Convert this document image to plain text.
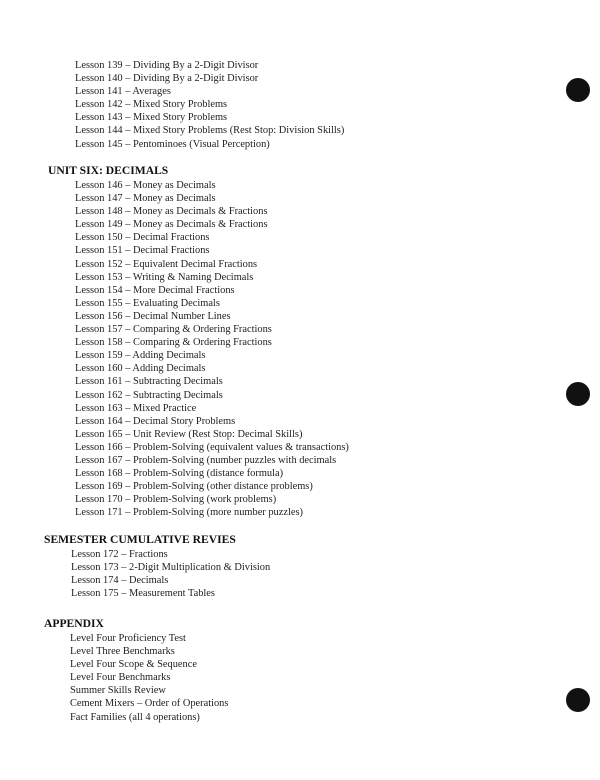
Lesson 139 – Dividing By a 2-Digit Divisor
Lesson 140 – Dividing By a 2-Digit Divisor
Lesson 141 – Averages
Lesson 142 – Mixed Story Problems
Lesson 143 – Mixed Story Problems
Lesson 144 – Mixed Story Problems (Rest Stop: Division Skills)
Lesson 145 – Pentominoes (Visual Perception)
UNIT SIX: DECIMALS
Lesson 146 – Money as Decimals
Lesson 147 – Money as Decimals
Lesson 148 – Money as Decimals & Fractions
Lesson 149 – Money as Decimals & Fractions
Lesson 150 – Decimal Fractions
Lesson 151 – Decimal Fractions
Lesson 152 – Equivalent Decimal Fractions
Lesson 153 – Writing & Naming Decimals
Lesson 154 – More Decimal Fractions
Lesson 155 – Evaluating Decimals
Lesson 156 – Decimal Number Lines
Lesson 157 – Comparing & Ordering Fractions
Lesson 158 – Comparing & Ordering Fractions
Lesson 159 – Adding Decimals
Lesson 160 – Adding Decimals
Lesson 161 – Subtracting Decimals
Lesson 162 – Subtracting Decimals
Lesson 163 – Mixed Practice
Lesson 164 – Decimal Story Problems
Lesson 165 – Unit Review (Rest Stop: Decimal Skills)
Lesson 166 – Problem-Solving (equivalent values & transactions)
Lesson 167 – Problem-Solving (number puzzles with decimals
Lesson 168 – Problem-Solving (distance formula)
Lesson 169 – Problem-Solving (other distance problems)
Lesson 170 – Problem-Solving (work problems)
Lesson 171 – Problem-Solving (more number puzzles)
SEMESTER CUMULATIVE REVIES
Lesson 172 – Fractions
Lesson 173 – 2-Digit Multiplication & Division
Lesson 174 – Decimals
Lesson 175 – Measurement Tables
APPENDIX
Level Four Proficiency Test
Level Three Benchmarks
Level Four Scope & Sequence
Level Four Benchmarks
Summer Skills Review
Cement Mixers – Order of Operations
Fact Families (all 4 operations)
